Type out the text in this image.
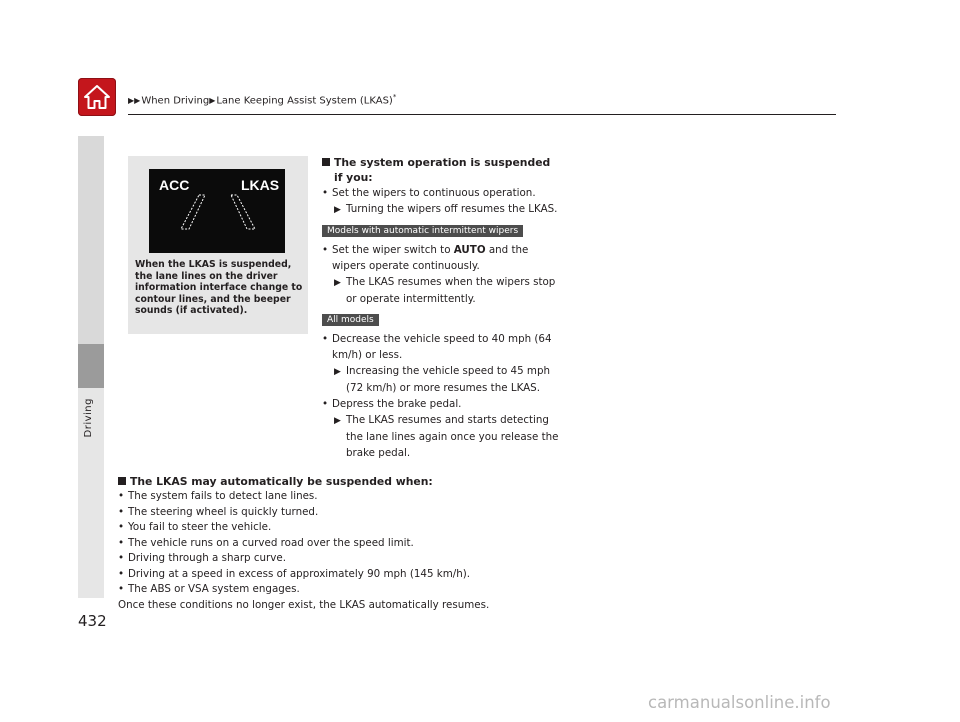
▶▶When Driving▶Lane Keeping Assist System (LKAS)*
Driving
432
ACC	LKAS
When the LKAS is suspended, the lane lines on the driver information interface change to contour lines, and the beeper sounds (if activated).
The system operation is suspended if you:
• Set the wipers to continuous operation.
▶ Turning the wipers off resumes the LKAS.
Models with automatic intermittent wipers
• Set the wiper switch to AUTO and the wipers operate continuously.
▶ The LKAS resumes when the wipers stop or operate intermittently.
All models
• Decrease the vehicle speed to 40 mph (64 km/h) or less.
▶ Increasing the vehicle speed to 45 mph (72 km/h) or more resumes the LKAS.
• Depress the brake pedal.
▶ The LKAS resumes and starts detecting the lane lines again once you release the brake pedal.
The LKAS may automatically be suspended when:
• The system fails to detect lane lines.
• The steering wheel is quickly turned.
• You fail to steer the vehicle.
• The vehicle runs on a curved road over the speed limit.
• Driving through a sharp curve.
• Driving at a speed in excess of approximately 90 mph (145 km/h).
• The ABS or VSA system engages.
Once these conditions no longer exist, the LKAS automatically resumes.
carmanualsonline.info
